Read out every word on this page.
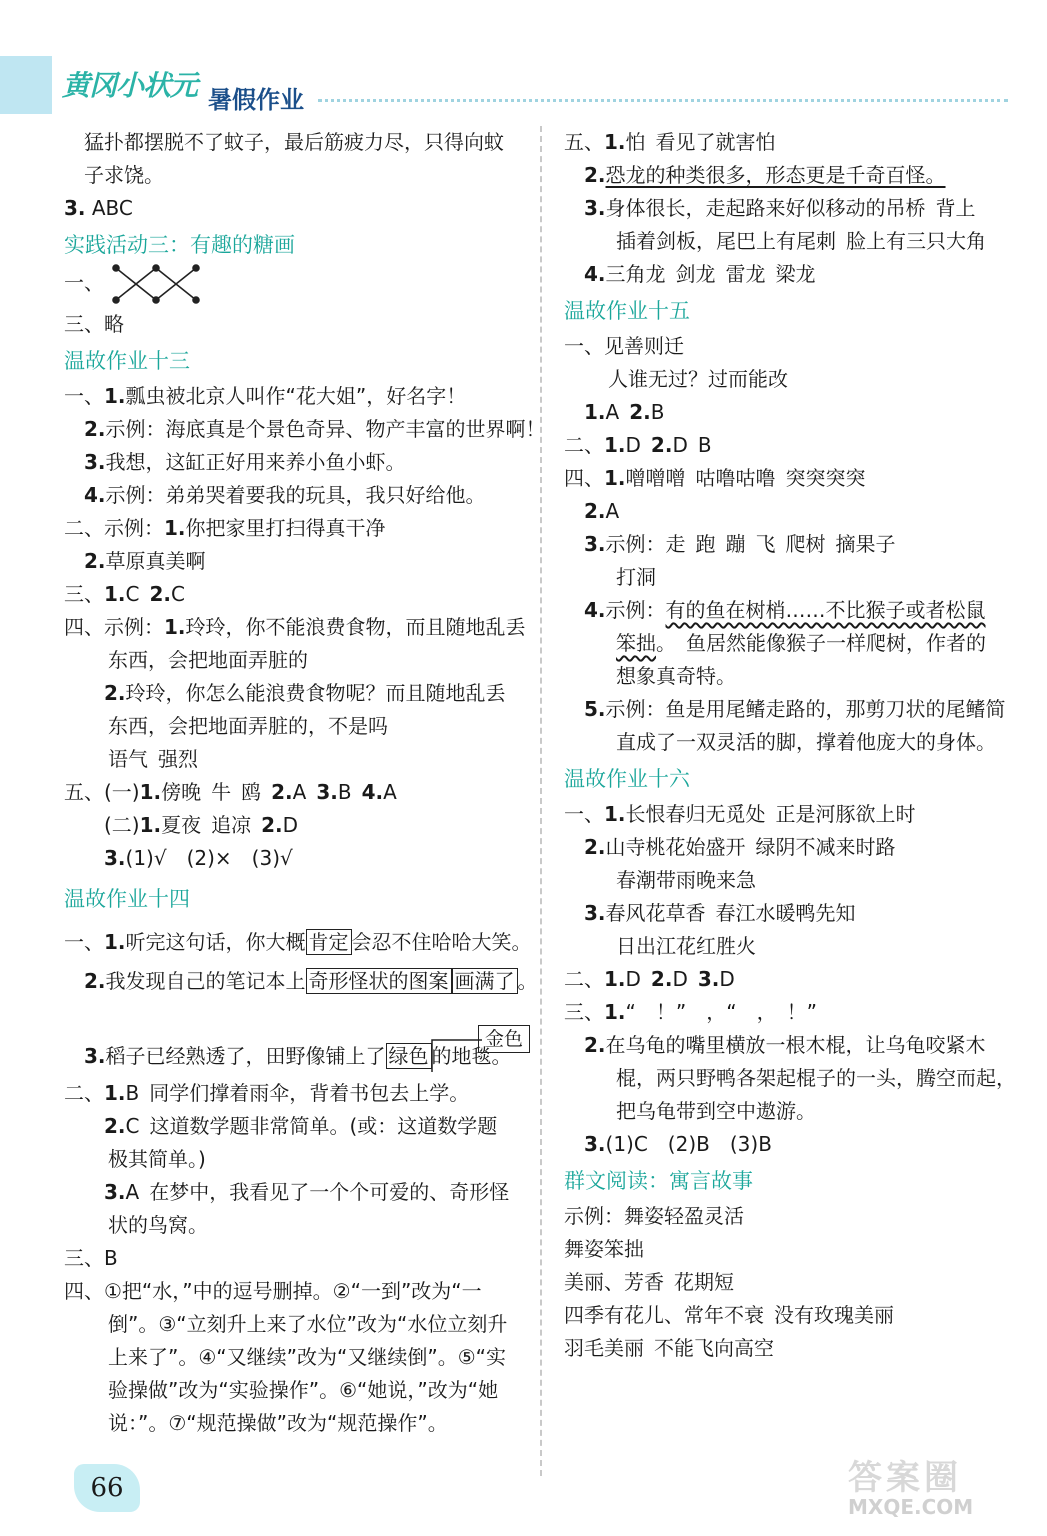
黄冈小状元 暑假作业
猛扑都摆脱不了蚊子，最后筋疲力尽，只得向蚊
子求饶。
3. ABC
实践活动三：有趣的糖画
一、
三、略
温故作业十三
一、1.瓢虫被北京人叫作“花大姐”，好名字！
2.示例：海底真是个景色奇异、物产丰富的世界啊！
3.我想，这缸正好用来养小鱼小虾。
4.示例：弟弟哭着要我的玩具，我只好给他。
二、示例：1.你把家里打扫得真干净
2.草原真美啊
三、1.C 2.C
四、示例：1.玲玲，你不能浪费食物，而且随地乱丢
东西，会把地面弄脏的
2.玲玲，你怎么能浪费食物呢？而且随地乱丢
东西，会把地面弄脏的，不是吗
语气 强烈
五、(一)1.傍晚 牛 鸥 2.A 3.B 4.A
(二)1.夏夜 追凉 2.D
3.(1)√　(2)×　(3)√
温故作业十四
一、1.听完这句话，你大概 肯定 会忍不住哈哈大笑。
2.我发现自己的笔记本上 奇形怪状的图案 画满了 。
3.稻子已经熟透了，田野像铺上了 绿色 的地毯。
二、1.B 同学们撑着雨伞，背着书包去上学。
2.C 这道数学题非常简单。(或：这道数学题
极其简单。)
3.A 在梦中，我看见了一个个可爱的、奇形怪
状的鸟窝。
三、B
四、①把“水，”中的逗号删掉。②“一到”改为“一
倒”。③“立刻升上来了水位”改为“水位立刻升
上来了”。④“又继续”改为“又继续倒”。⑤“实
验操做”改为“实验操作”。⑥“她说，”改为“她
说：”。⑦“规范操做”改为“规范操作”。
金色
五、1.怕 看见了就害怕
2.恐龙的种类很多，形态更是千奇百怪。
3.身体很长，走起路来好似移动的吊桥 背上
插着剑板，尾巴上有尾刺 脸上有三只大角
4.三角龙 剑龙 雷龙 梁龙
温故作业十五
一、见善则迁
人谁无过？过而能改
1.A 2.B
二、1.D 2.D B
四、1.噌噌噌 咕噜咕噜 突突突突
2.A
3.示例：走 跑 蹦 飞 爬树 摘果子
打洞
4.示例：有的鱼在树梢……不比猴子或者松鼠
笨拙。　鱼居然能像猴子一样爬树，作者的
想象真奇特。
5.示例：鱼是用尾鳍走路的，那剪刀状的尾鳍简
直成了一双灵活的脚，撑着他庞大的身体。
温故作业十六
一、1.长恨春归无觅处 正是河豚欲上时
2.山寺桃花始盛开 绿阴不减来时路
春潮带雨晚来急
3.春风花草香 春江水暖鸭先知
日出江花红胜火
二、1.D 2.D 3.D
三、1.“　！”　，“　，　！”
2.在乌龟的嘴里横放一根木棍，让乌龟咬紧木
棍，两只野鸭各架起棍子的一头，腾空而起，
把乌龟带到空中遨游。
3.(1)C　(2)B　(3)B
群文阅读：寓言故事
示例：舞姿轻盈灵活
舞姿笨拙
美丽、芳香 花期短
四季有花儿、常年不衰 没有玫瑰美丽
羽毛美丽 不能飞向高空
66	答案圈
MXQE.COM
